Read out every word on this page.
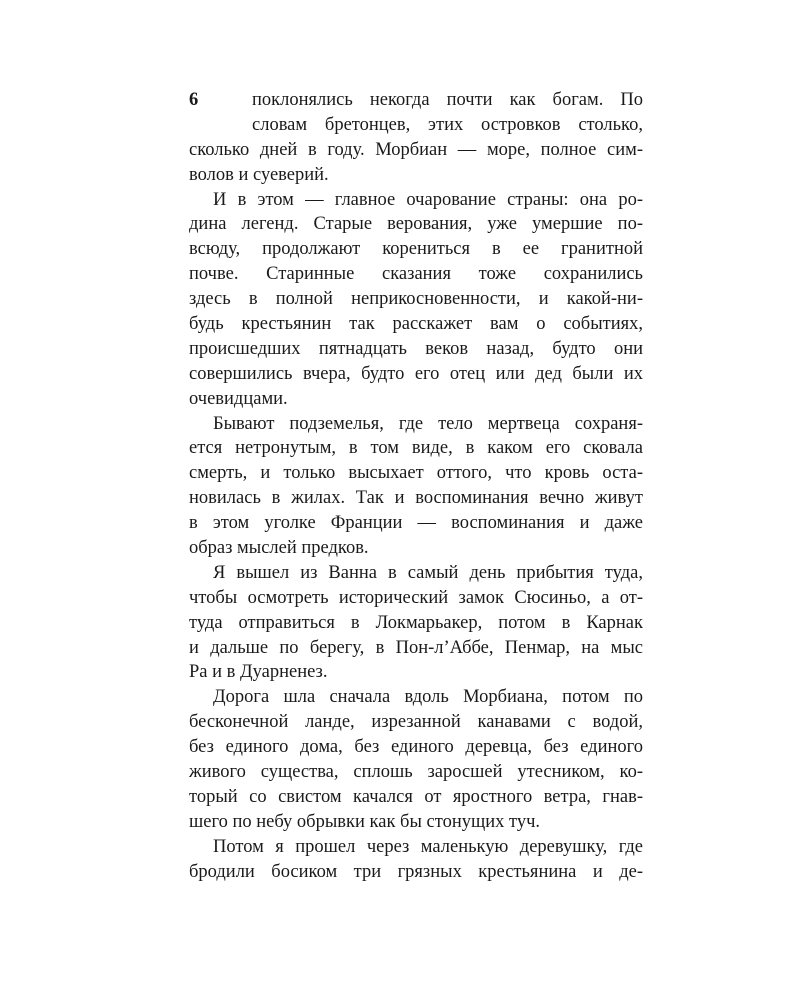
6	поклонялись некогда почти как богам. По
словам бретонцев, этих островков столько,
сколько дней в году. Морбиан — море, полное сим-
волов и суеверий.
И в этом — главное очарование страны: она ро-
дина легенд. Старые верования, уже умершие по-
всюду, продолжают корениться в ее гранитной
почве. Старинные сказания тоже сохранились
здесь в полной неприкосновенности, и какой-ни-
будь крестьянин так расскажет вам о событиях,
происшедших пятнадцать веков назад, будто они
совершились вчера, будто его отец или дед были их
очевидцами.
Бывают подземелья, где тело мертвеца сохраня-
ется нетронутым, в том виде, в каком его сковала
смерть, и только высыхает оттого, что кровь оста-
новилась в жилах. Так и воспоминания вечно живут
в этом уголке Франции — воспоминания и даже
образ мыслей предков.
Я вышел из Ванна в самый день прибытия туда,
чтобы осмотреть исторический замок Сюсиньо, а от-
туда отправиться в Локмарьакер, потом в Карнак
и дальше по берегу, в Пон-л’Аббе, Пенмар, на мыс
Ра и в Дуарненез.
Дорога шла сначала вдоль Морбиана, потом по
бесконечной ланде, изрезанной канавами с водой,
без единого дома, без единого деревца, без единого
живого существа, сплошь заросшей утесником, ко-
торый со свистом качался от яростного ветра, гнав-
шего по небу обрывки как бы стонущих туч.
Потом я прошел через маленькую деревушку, где
бродили босиком три грязных крестьянина и де-
